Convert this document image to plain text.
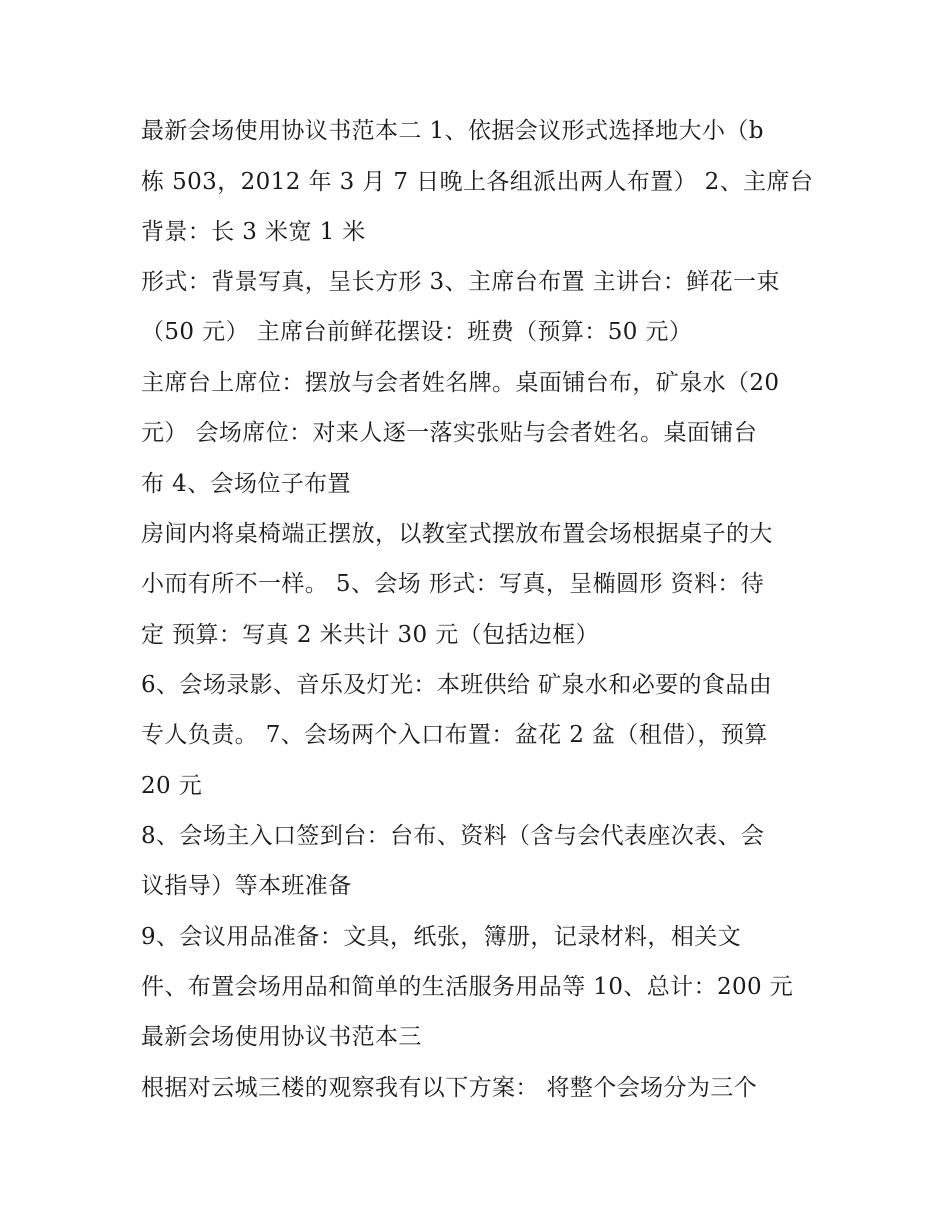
最新会场使用协议书范本二 1、依据会议形式选择地大小（b
栋 503，2012 年 3 月 7 日晚上各组派出两人布置） 2、主席台
背景：长 3 米宽 1 米
形式：背景写真，呈长方形 3、主席台布置 主讲台：鲜花一束
（50 元） 主席台前鲜花摆设：班费（预算：50 元）
主席台上席位：摆放与会者姓名牌。桌面铺台布，矿泉水（20
元） 会场席位：对来人逐一落实张贴与会者姓名。桌面铺台
布 4、会场位子布置
房间内将桌椅端正摆放，以教室式摆放布置会场根据桌子的大
小而有所不一样。 5、会场 形式：写真，呈椭圆形 资料：待
定 预算：写真 2 米共计 30 元（包括边框）
6、会场录影、音乐及灯光：本班供给 矿泉水和必要的食品由
专人负责。 7、会场两个入口布置：盆花 2 盆（租借），预算
20 元
8、会场主入口签到台：台布、资料（含与会代表座次表、会
议指导）等本班准备
9、会议用品准备：文具，纸张，簿册，记录材料，相关文
件、布置会场用品和简单的生活服务用品等 10、总计：200 元
最新会场使用协议书范本三
根据对云城三楼的观察我有以下方案： 将整个会场分为三个
